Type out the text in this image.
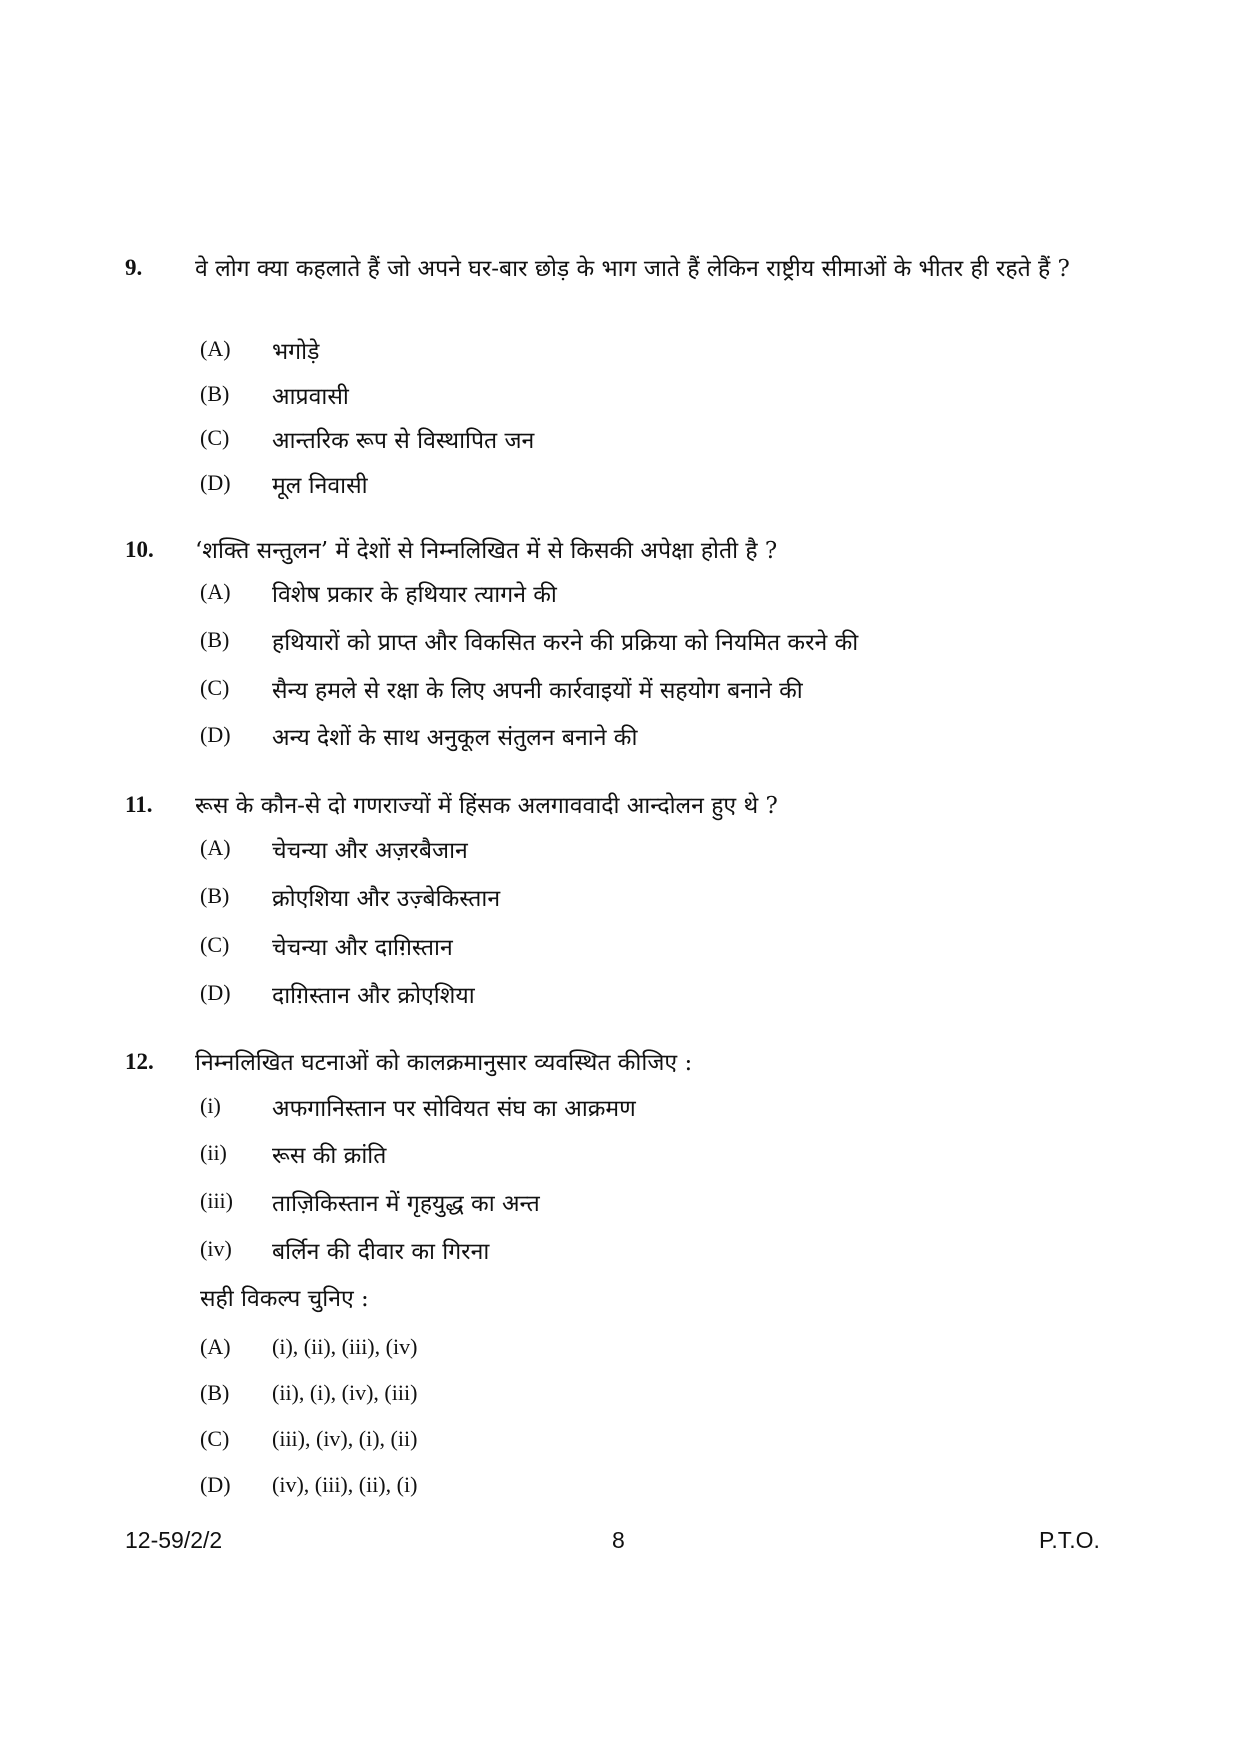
9. वे लोग क्या कहलाते हैं जो अपने घर-बार छोड़ के भाग जाते हैं लेकिन राष्ट्रीय सीमाओं के भीतर ही रहते हैं ?
(A) भगोड़े
(B) आप्रवासी
(C) आन्तरिक रूप से विस्थापित जन
(D) मूल निवासी
10. ‘शक्ति सन्तुलन’ में देशों से निम्नलिखित में से किसकी अपेक्षा होती है ?
(A) विशेष प्रकार के हथियार त्यागने की
(B) हथियारों को प्राप्त और विकसित करने की प्रक्रिया को नियमित करने की
(C) सैन्य हमले से रक्षा के लिए अपनी कार्रवाइयों में सहयोग बनाने की
(D) अन्य देशों के साथ अनुकूल संतुलन बनाने की
11. रूस के कौन-से दो गणराज्यों में हिंसक अलगाववादी आन्दोलन हुए थे ?
(A) चेचन्या और अज़रबैजान
(B) क्रोएशिया और उज़्बेकिस्तान
(C) चेचन्या और दाग़िस्तान
(D) दाग़िस्तान और क्रोएशिया
12. निम्नलिखित घटनाओं को कालक्रमानुसार व्यवस्थित कीजिए :
(i) अफगानिस्तान पर सोवियत संघ का आक्रमण
(ii) रूस की क्रांति
(iii) ताज़िकिस्तान में गृहयुद्ध का अन्त
(iv) बर्लिन की दीवार का गिरना
सही विकल्प चुनिए :
(A) (i), (ii), (iii), (iv)
(B) (ii), (i), (iv), (iii)
(C) (iii), (iv), (i), (ii)
(D) (iv), (iii), (ii), (i)
12-59/2/2	8	P.T.O.
